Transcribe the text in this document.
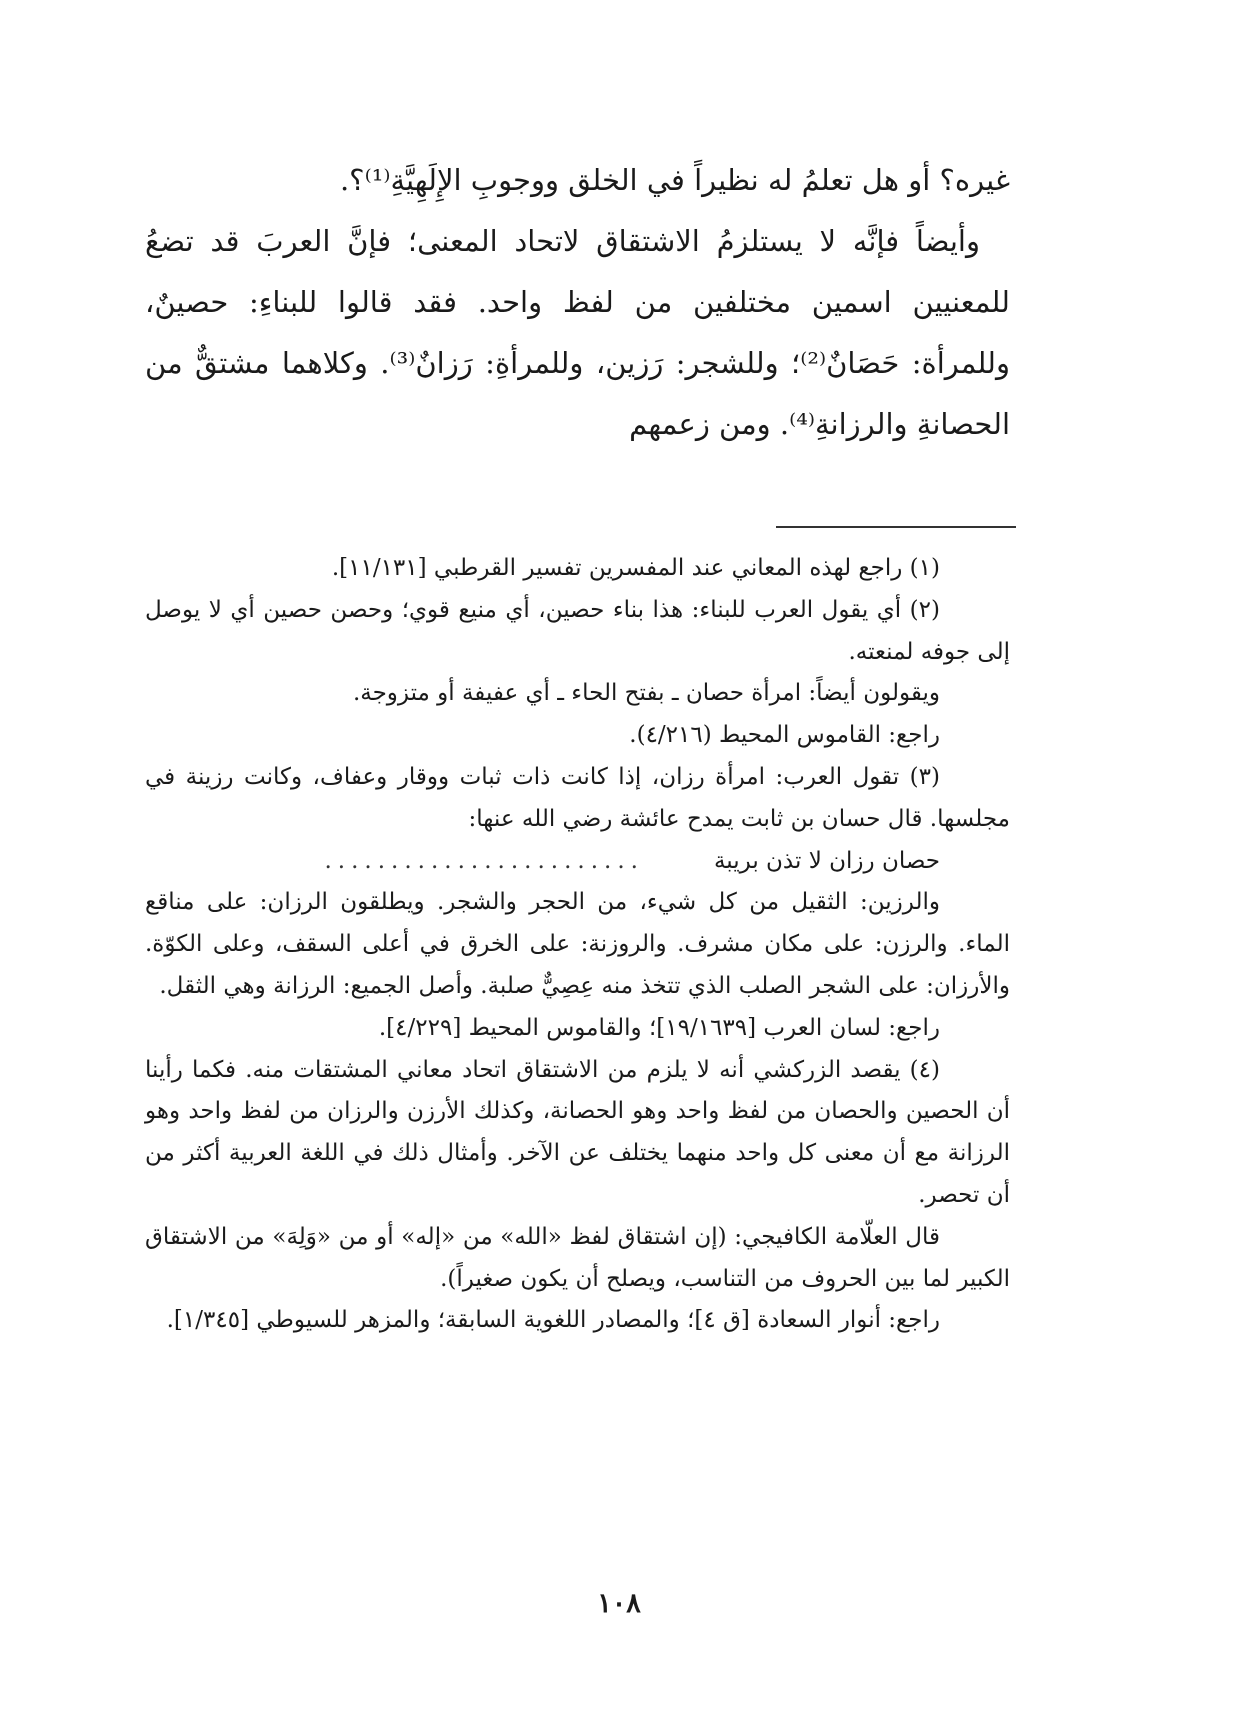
غيره؟ أو هل تعلمُ له نظيراً في الخلق ووجوبِ الإِلَهِيَّةِ⁽¹⁾؟.

وأيضاً فإنَّه لا يستلزمُ الاشتقاق لاتحاد المعنى؛ فإنَّ العربَ قد تضعُ للمعنيين اسمين مختلفين من لفظ واحد. فقد قالوا للبناءِ: حصينٌ، وللمرأة: حَصَانٌ⁽²⁾؛ وللشجر: رَزين، وللمرأةِ: رَزانٌ⁽³⁾. وكلاهما مشتقٌّ من الحصانةِ والرزانةِ⁽⁴⁾. ومن زعمهم

(١) راجع لهذه المعاني عند المفسرين تفسير القرطبي [١١/١٣١].

(٢) أي يقول العرب للبناء: هذا بناء حصين، أي منيع قوي؛ وحصن حصين أي لا يوصل إلى جوفه لمنعته.

ويقولون أيضاً: امرأة حصان ـ بفتح الحاء ـ أي عفيفة أو متزوجة.

راجع: القاموس المحيط (٤/٢١٦).

(٣) تقول العرب: امرأة رزان، إذا كانت ذات ثبات ووقار وعفاف، وكانت رزينة في مجلسها. قال حسان بن ثابت يمدح عائشة رضي الله عنها:

حصان رزان لا تذن بريبة
........................

والرزين: الثقيل من كل شيء، من الحجر والشجر. ويطلقون الرزان: على مناقع الماء. والرزن: على مكان مشرف. والروزنة: على الخرق في أعلى السقف، وعلى الكوّة. والأرزان: على الشجر الصلب الذي تتخذ منه عِصِيٌّ صلبة. وأصل الجميع: الرزانة وهي الثقل.

راجع: لسان العرب [١٩/١٦٣٩]؛ والقاموس المحيط [٤/٢٢٩].

(٤) يقصد الزركشي أنه لا يلزم من الاشتقاق اتحاد معاني المشتقات منه. فكما رأينا أن الحصين والحصان من لفظ واحد وهو الحصانة، وكذلك الأرزن والرزان من لفظ واحد وهو الرزانة مع أن معنى كل واحد منهما يختلف عن الآخر. وأمثال ذلك في اللغة العربية أكثر من أن تحصر.

قال العلّامة الكافيجي: (إن اشتقاق لفظ «الله» من «إله» أو من «وَلِهَ» من الاشتقاق الكبير لما بين الحروف من التناسب، ويصلح أن يكون صغيراً).

راجع: أنوار السعادة [ق ٤]؛ والمصادر اللغوية السابقة؛ والمزهر للسيوطي [١/٣٤٥].

١٠٨
